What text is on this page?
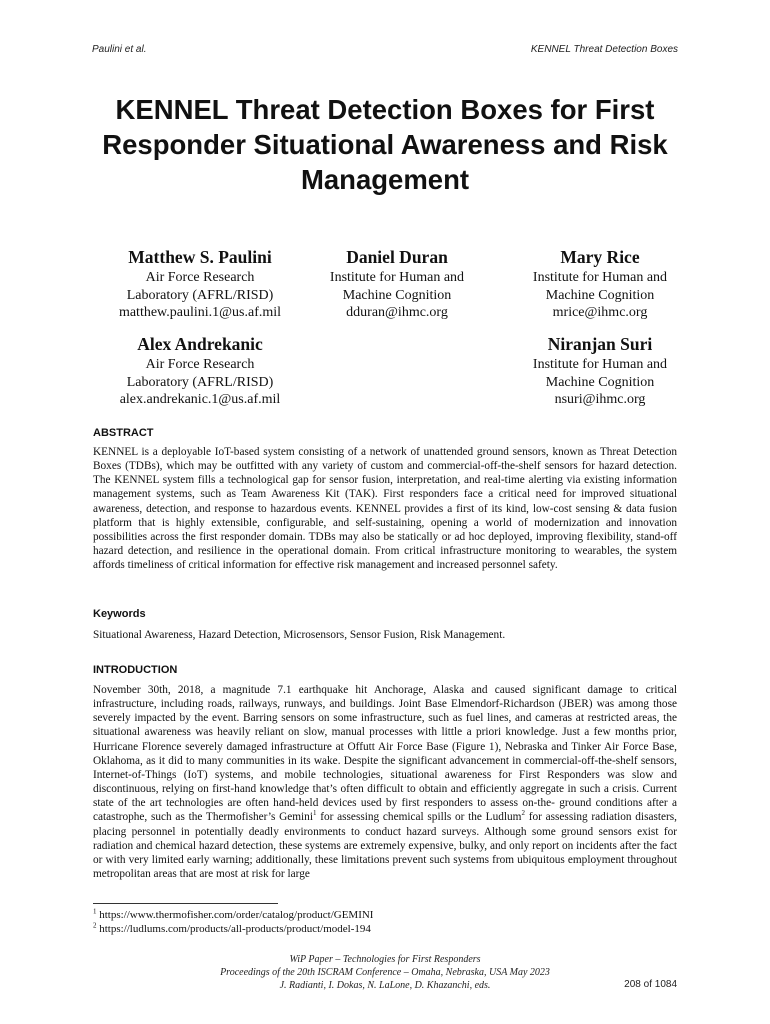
Paulini et al.	KENNEL Threat Detection Boxes
KENNEL Threat Detection Boxes for First Responder Situational Awareness and Risk Management
Matthew S. Paulini
Air Force Research
Laboratory (AFRL/RISD)
matthew.paulini.1@us.af.mil
Daniel Duran
Institute for Human and
Machine Cognition
dduran@ihmc.org
Mary Rice
Institute for Human and
Machine Cognition
mrice@ihmc.org
Alex Andrekanic
Air Force Research
Laboratory (AFRL/RISD)
alex.andrekanic.1@us.af.mil
Niranjan Suri
Institute for Human and
Machine Cognition
nsuri@ihmc.org
ABSTRACT
KENNEL is a deployable IoT-based system consisting of a network of unattended ground sensors, known as Threat Detection Boxes (TDBs), which may be outfitted with any variety of custom and commercial-off-the-shelf sensors for hazard detection. The KENNEL system fills a technological gap for sensor fusion, interpretation, and real-time alerting via existing information management systems, such as Team Awareness Kit (TAK). First responders face a critical need for improved situational awareness, detection, and response to hazardous events. KENNEL provides a first of its kind, low-cost sensing & data fusion platform that is highly extensible, configurable, and self-sustaining, opening a world of modernization and innovation possibilities across the first responder domain. TDBs may also be statically or ad hoc deployed, improving flexibility, stand-off hazard detection, and resilience in the operational domain. From critical infrastructure monitoring to wearables, the system affords timeliness of critical information for effective risk management and increased personnel safety.
Keywords
Situational Awareness, Hazard Detection, Microsensors, Sensor Fusion, Risk Management.
INTRODUCTION
November 30th, 2018, a magnitude 7.1 earthquake hit Anchorage, Alaska and caused significant damage to critical infrastructure, including roads, railways, runways, and buildings. Joint Base Elmendorf-Richardson (JBER) was among those severely impacted by the event. Barring sensors on some infrastructure, such as fuel lines, and cameras at restricted areas, the situational awareness was heavily reliant on slow, manual processes with little a priori knowledge. Just a few months prior, Hurricane Florence severely damaged infrastructure at Offutt Air Force Base (Figure 1), Nebraska and Tinker Air Force Base, Oklahoma, as it did to many communities in its wake. Despite the significant advancement in commercial-off-the-shelf sensors, Internet-of-Things (IoT) systems, and mobile technologies, situational awareness for First Responders was slow and discontinuous, relying on first-hand knowledge that’s often difficult to obtain and efficiently aggregate in such a crisis. Current state of the art technologies are often hand-held devices used by first responders to assess on-the- ground conditions after a catastrophe, such as the Thermofisher’s Gemini$^1$ for assessing chemical spills or the Ludlum$^2$ for assessing radiation disasters, placing personnel in potentially deadly environments to conduct hazard surveys. Although some ground sensors exist for radiation and chemical hazard detection, these systems are extremely expensive, bulky, and only report on incidents after the fact or with very limited early warning; additionally, these limitations prevent such systems from ubiquitous employment throughout metropolitan areas that are most at risk for large
$^1$ https://www.thermofisher.com/order/catalog/product/GEMINI
$^2$ https://ludlums.com/products/all-products/product/model-194
WiP Paper – Technologies for First Responders
Proceedings of the 20th ISCRAM Conference – Omaha, Nebraska, USA May 2023
J. Radianti, I. Dokas, N. LaLone, D. Khazanchi, eds.	208 of 1084
